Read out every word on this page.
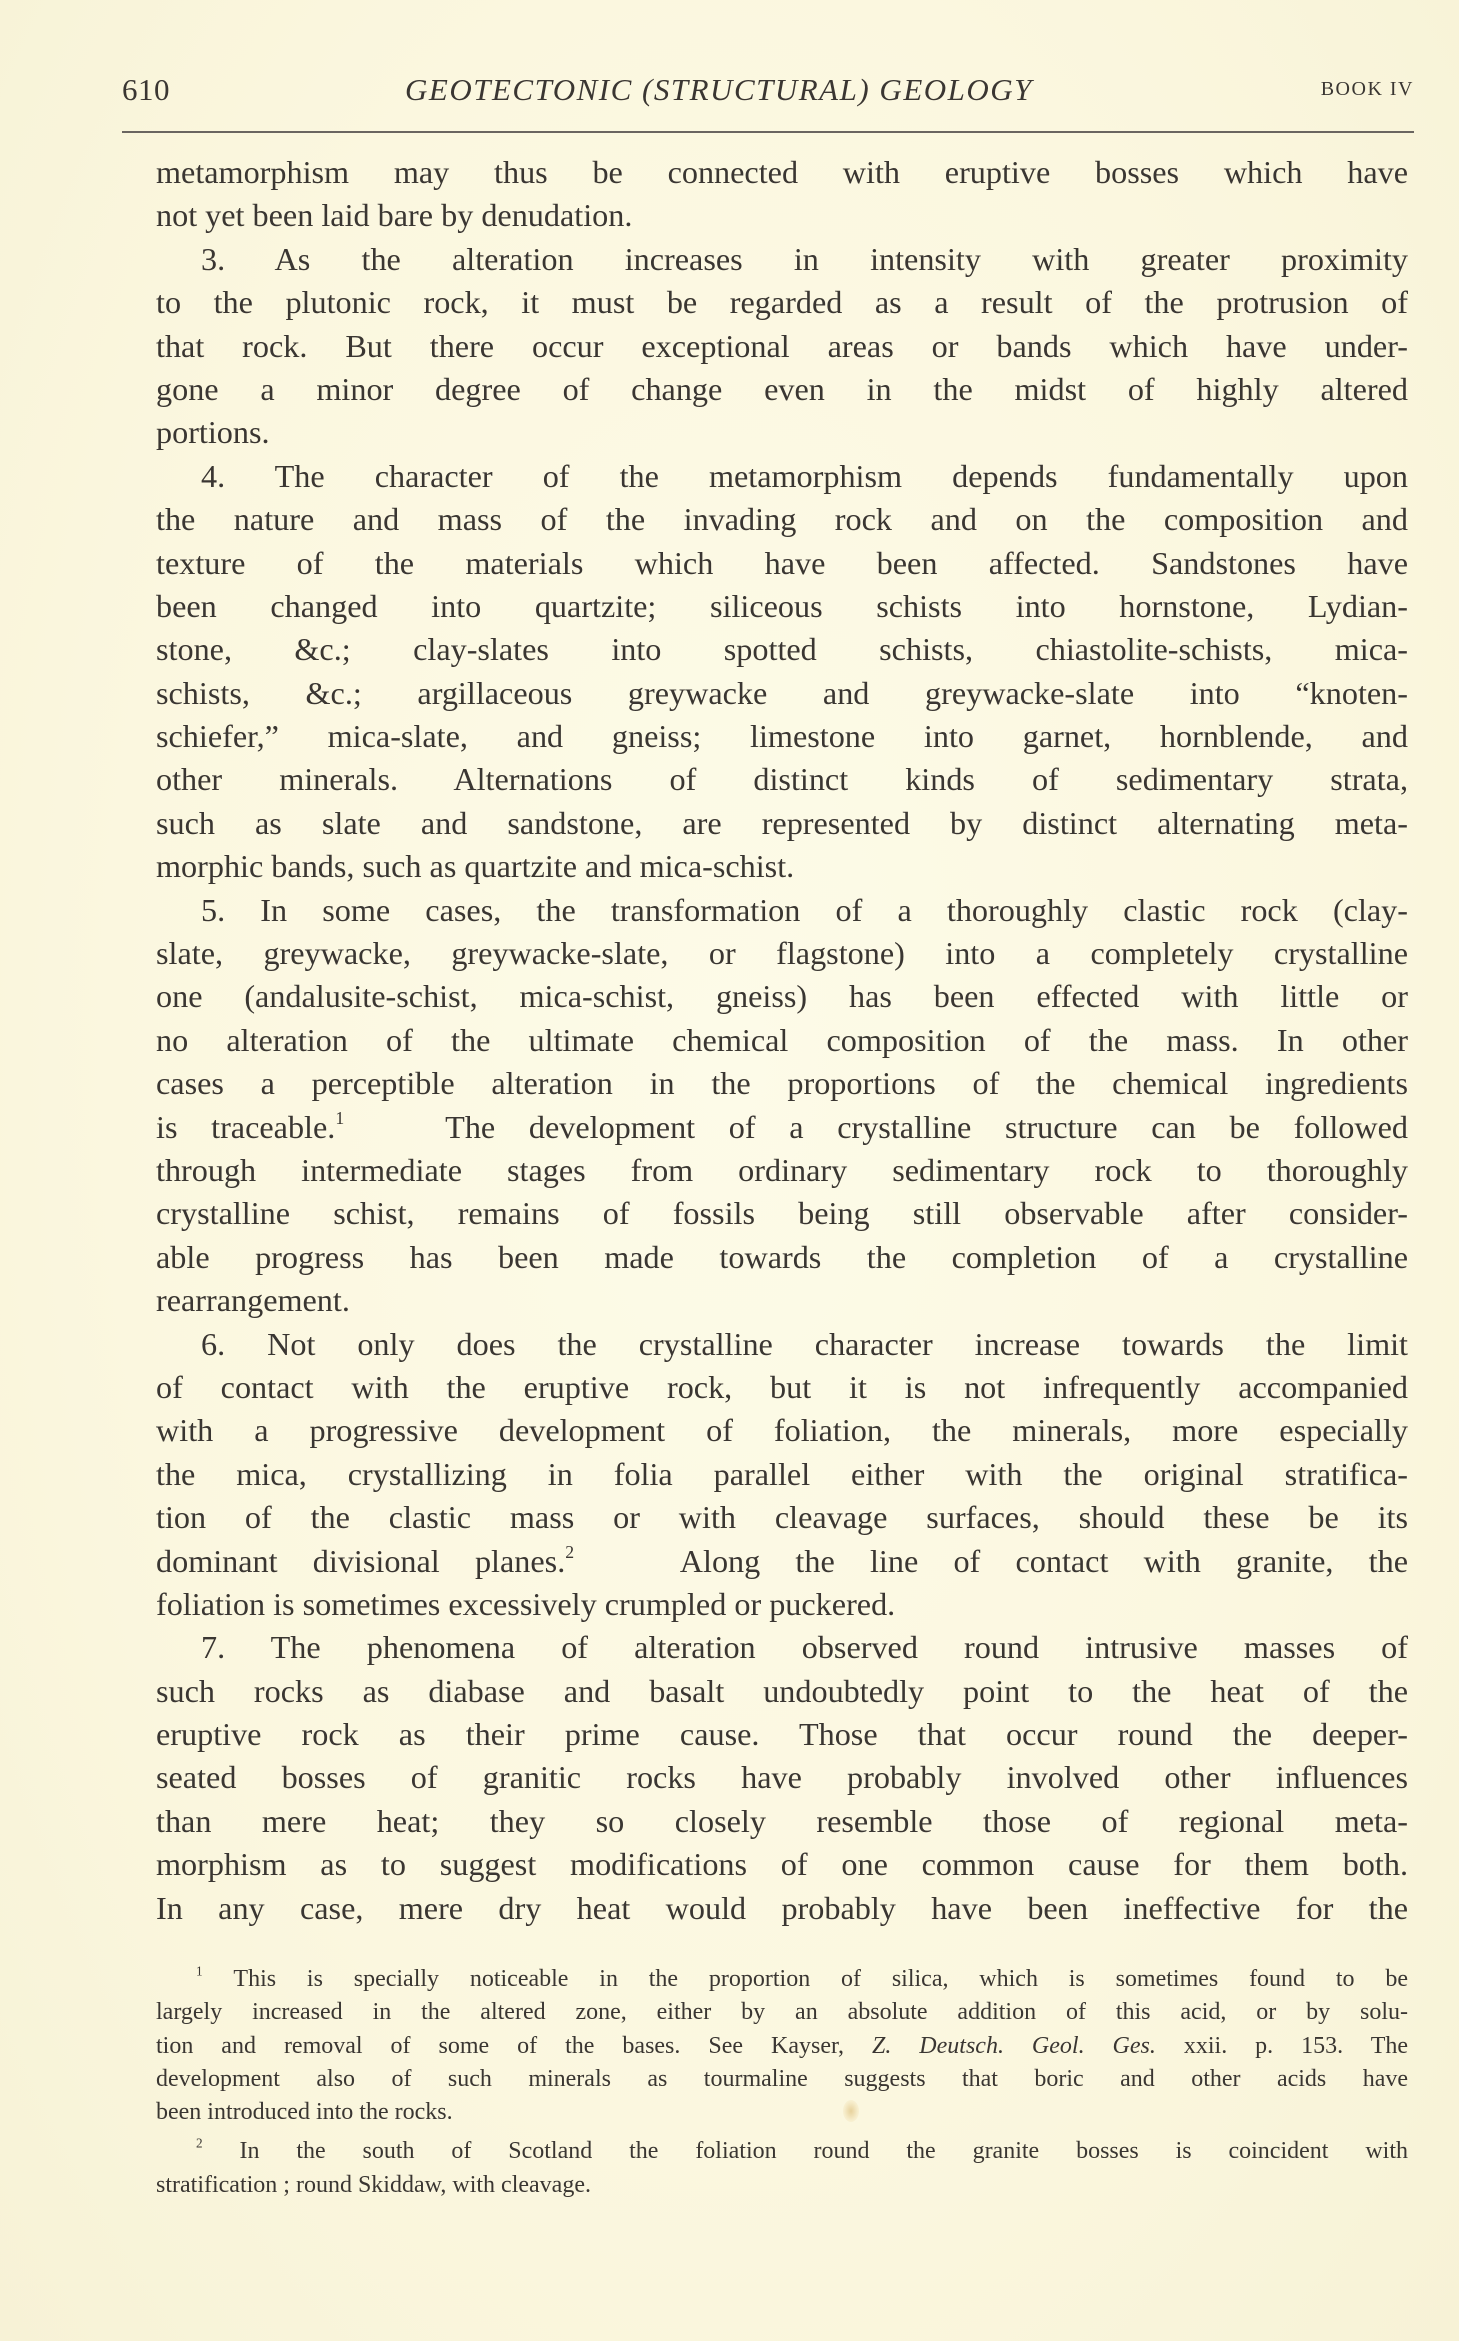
610	GEOTECTONIC (STRUCTURAL) GEOLOGY	BOOK IV
metamorphism may thus be connected with eruptive bosses which have
not yet been laid bare by denudation.
3. As the alteration increases in intensity with greater proximity
to the plutonic rock, it must be regarded as a result of the protrusion of
that rock. But there occur exceptional areas or bands which have under-
gone a minor degree of change even in the midst of highly altered
portions.
4. The character of the metamorphism depends fundamentally upon
the nature and mass of the invading rock and on the composition and
texture of the materials which have been affected. Sandstones have
been changed into quartzite; siliceous schists into hornstone, Lydian-
stone, &c.; clay-slates into spotted schists, chiastolite-schists, mica-
schists, &c.; argillaceous greywacke and greywacke-slate into “knoten-
schiefer,” mica-slate, and gneiss; limestone into garnet, hornblende, and
other minerals. Alternations of distinct kinds of sedimentary strata,
such as slate and sandstone, are represented by distinct alternating meta-
morphic bands, such as quartzite and mica-schist.
5. In some cases, the transformation of a thoroughly clastic rock (clay-
slate, greywacke, greywacke-slate, or flagstone) into a completely crystalline
one (andalusite-schist, mica-schist, gneiss) has been effected with little or
no alteration of the ultimate chemical composition of the mass. In other
cases a perceptible alteration in the proportions of the chemical ingredients
is traceable.$^1$	The development of a crystalline structure can be followed
through intermediate stages from ordinary sedimentary rock to thoroughly
crystalline schist, remains of fossils being still observable after consider-
able progress has been made towards the completion of a crystalline
rearrangement.
6. Not only does the crystalline character increase towards the limit
of contact with the eruptive rock, but it is not infrequently accompanied
with a progressive development of foliation, the minerals, more especially
the mica, crystallizing in folia parallel either with the original stratifica-
tion of the clastic mass or with cleavage surfaces, should these be its
dominant divisional planes.$^2$	Along the line of contact with granite, the
foliation is sometimes excessively crumpled or puckered.
7. The phenomena of alteration observed round intrusive masses of
such rocks as diabase and basalt undoubtedly point to the heat of the
eruptive rock as their prime cause. Those that occur round the deeper-
seated bosses of granitic rocks have probably involved other influences
than mere heat; they so closely resemble those of regional meta-
morphism as to suggest modifications of one common cause for them both.
In any case, mere dry heat would probably have been ineffective for the
$^1$ This is specially noticeable in the proportion of silica, which is sometimes found to be
largely increased in the altered zone, either by an absolute addition of this acid, or by solu-
tion and removal of some of the bases. See Kayser, Z. Deutsch. Geol. Ges. xxii. p. 153. The
development also of such minerals as tourmaline suggests that boric and other acids have
been introduced into the rocks.
$^2$ In the south of Scotland the foliation round the granite bosses is coincident with
stratification ; round Skiddaw, with cleavage.
